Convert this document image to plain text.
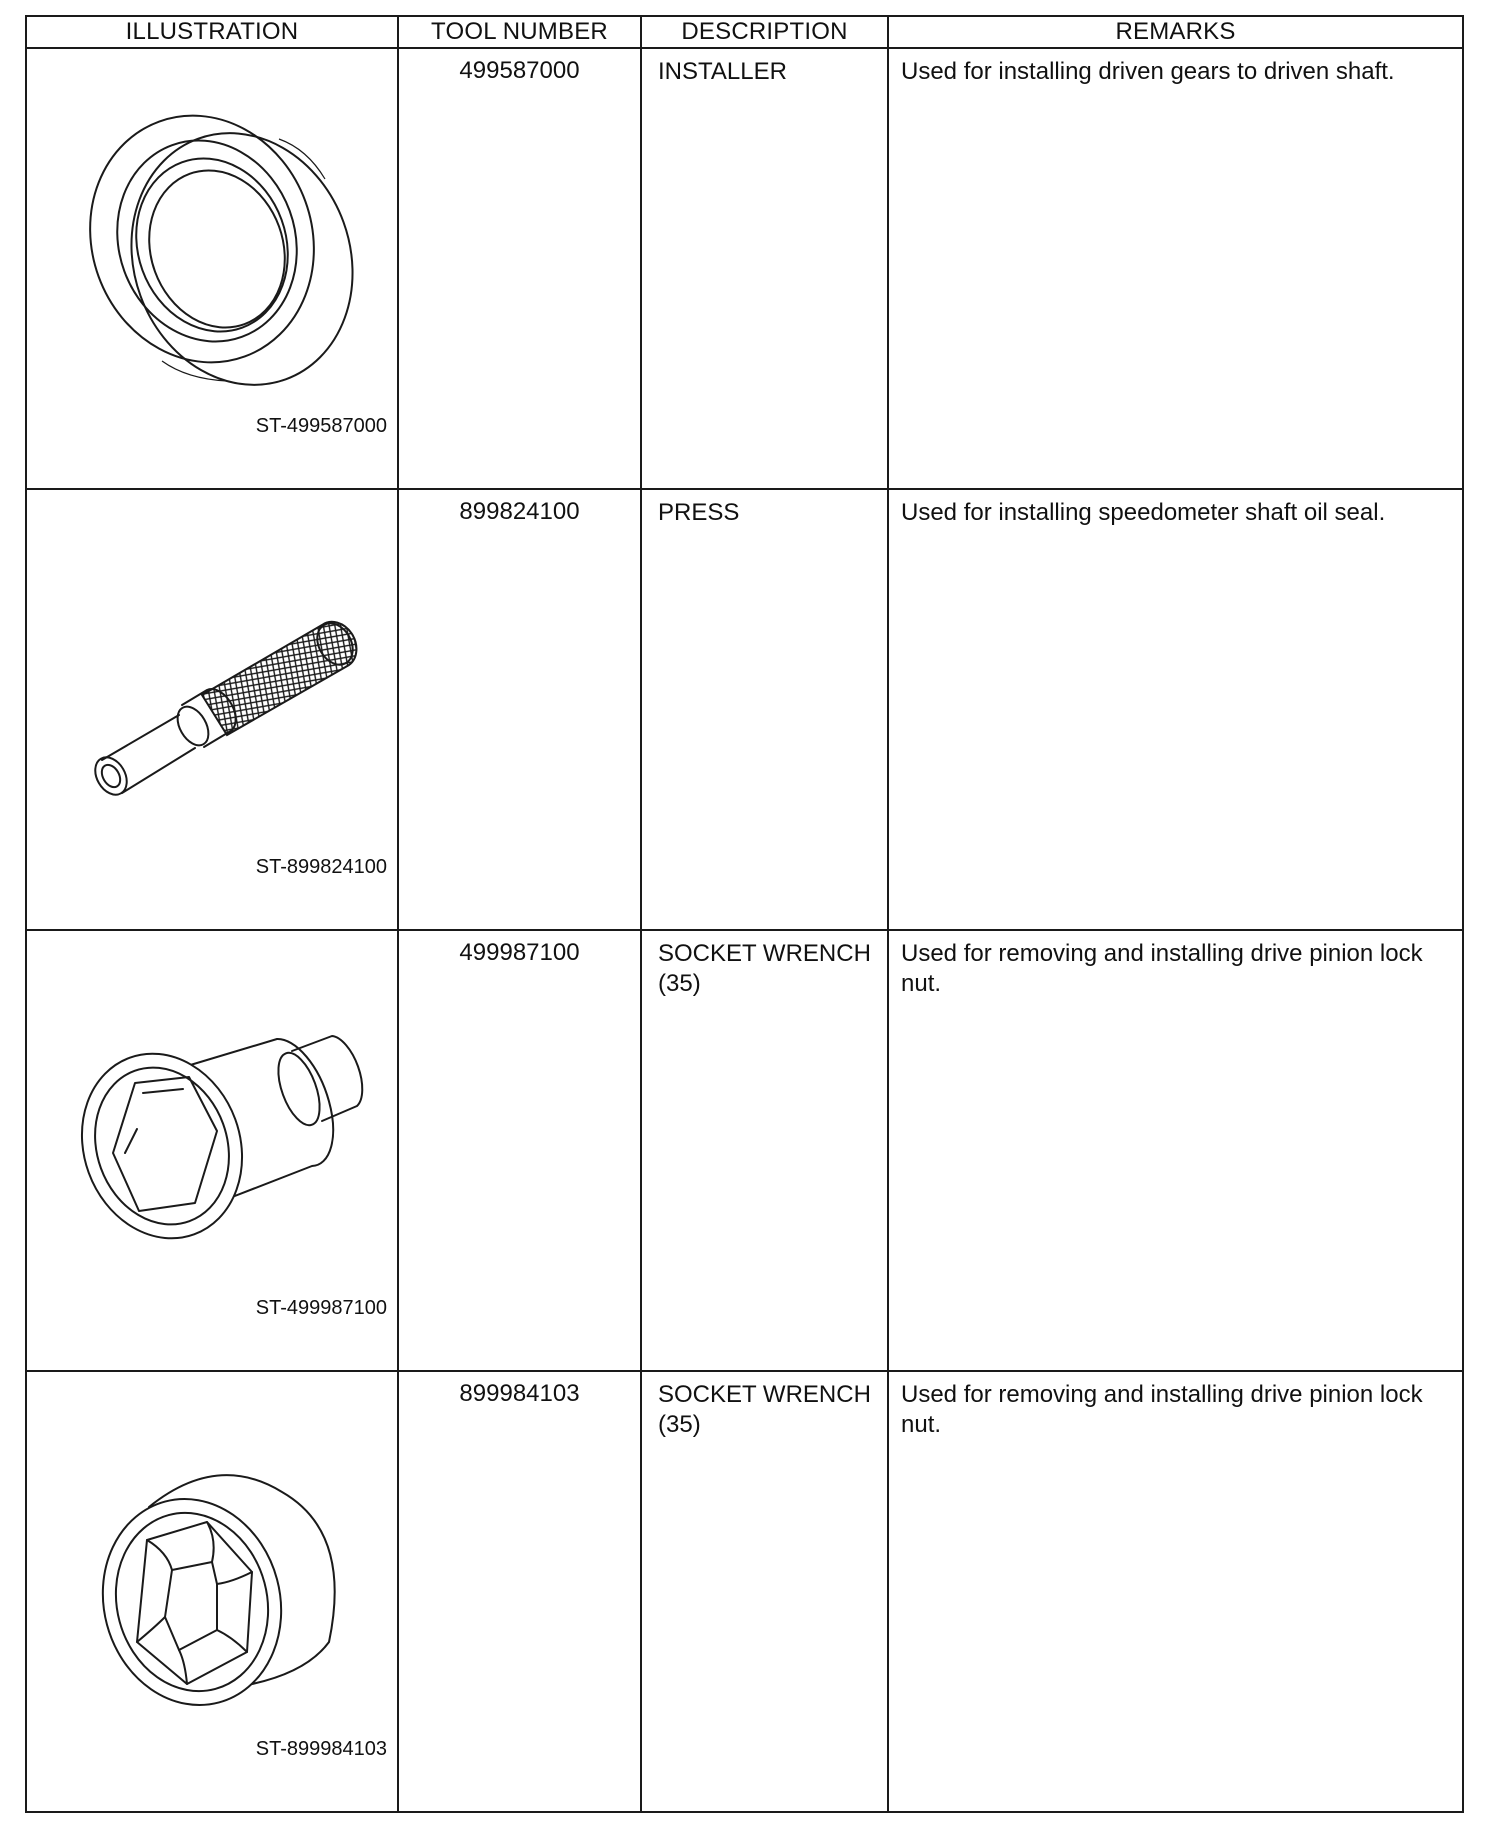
ILLUSTRATION	TOOL NUMBER	DESCRIPTION	REMARKS

ST-499587000	499587000	INSTALLER	Used for installing driven gears to driven shaft.

ST-899824100	899824100	PRESS	Used for installing speedometer shaft oil seal.

ST-499987100	499987100	SOCKET WRENCH (35)	Used for removing and installing drive pinion lock nut.

ST-899984103	899984103	SOCKET WRENCH (35)	Used for removing and installing drive pinion lock nut.
